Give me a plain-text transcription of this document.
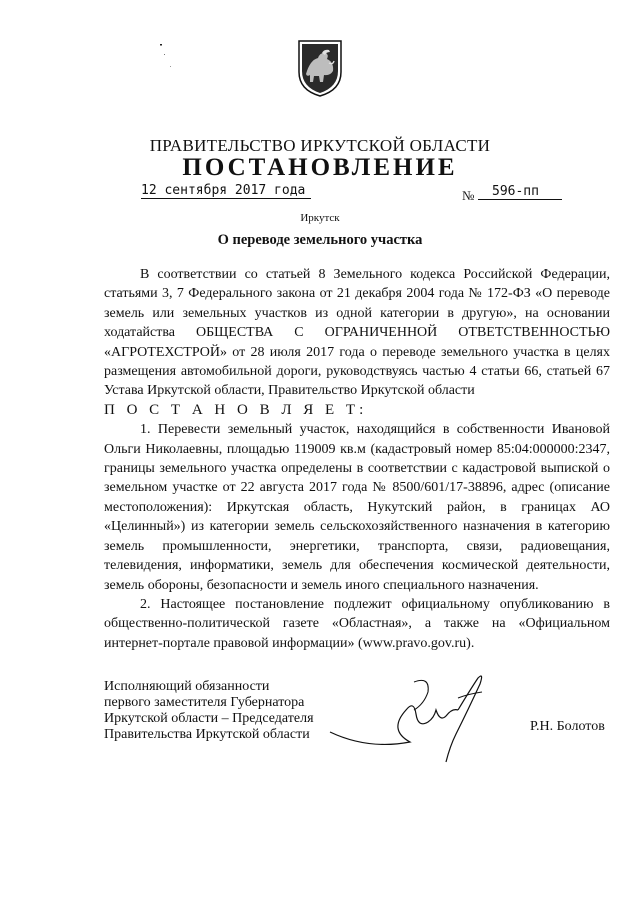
ПРАВИТЕЛЬСТВО ИРКУТСКОЙ ОБЛАСТИ
ПОСТАНОВЛЕНИЕ
12 сентября 2017 года	№	596-пп
Иркутск
О переводе земельного участка

В соответствии со статьей 8 Земельного кодекса Российской Федерации, статьями 3, 7 Федерального закона от 21 декабря 2004 года № 172-ФЗ «О переводе земель или земельных участков из одной категории в другую», на основании ходатайства ОБЩЕСТВА С ОГРАНИЧЕННОЙ ОТВЕТСТВЕННОСТЬЮ «АГРОТЕХСТРОЙ» от 28 июля 2017 года о переводе земельного участка в целях размещения автомобильной дороги, руководствуясь частью 4 статьи 66, статьей 67 Устава Иркутской области, Правительство Иркутской области

П О С Т А Н О В Л Я Е Т:

1. Перевести земельный участок, находящийся в собственности Ивановой Ольги Николаевны, площадью 119009 кв.м (кадастровый номер 85:04:000000:2347, границы земельного участка определены в соответствии с кадастровой выпиской о земельном участке от 22 августа 2017 года № 8500/601/17-38896, адрес (описание местоположения): Иркутская область, Нукутский район, в границах АО «Целинный») из категории земель сельскохозяйственного назначения в категорию земель промышленности, энергетики, транспорта, связи, радиовещания, телевидения, информатики, земель для обеспечения космической деятельности, земель обороны, безопасности и земель иного специального назначения.

2. Настоящее постановление подлежит официальному опубликованию в общественно-политической газете «Областная», а также на «Официальном интернет-портале правовой информации» (www.pravo.gov.ru).

Исполняющий обязанности
первого заместителя Губернатора
Иркутской области – Председателя
Правительства Иркутской области
Р.Н. Болотов
